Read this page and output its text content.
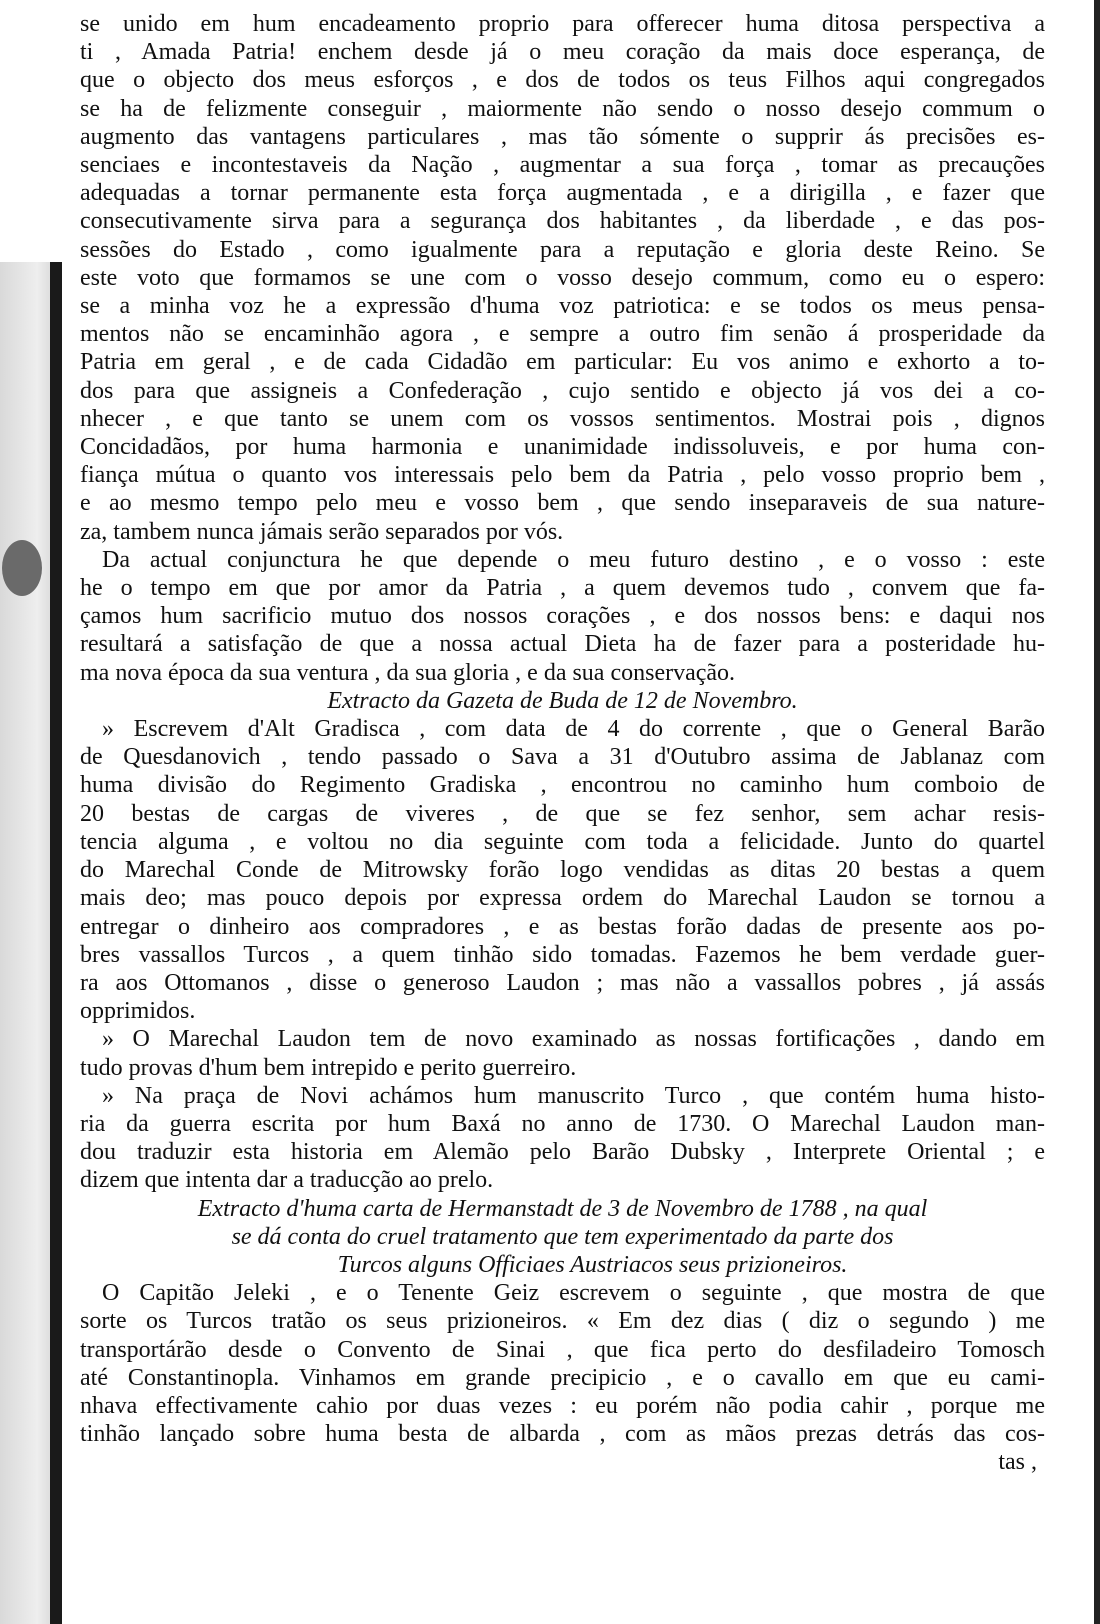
se unido em hum encadeamento proprio para offerecer huma ditosa perspectiva a
ti , Amada Patria! enchem desde já o meu coração da mais doce esperança, de
que o objecto dos meus esforços , e dos de todos os teus Filhos aqui congregados
se ha de felizmente conseguir , maiormente não sendo o nosso desejo commum o
augmento das vantagens particulares , mas tão sómente o supprir ás precisões es-
senciaes e incontestaveis da Nação , augmentar a sua força , tomar as precauções
adequadas a tornar permanente esta força augmentada , e a dirigilla , e fazer que
consecutivamente sirva para a segurança dos habitantes , da liberdade , e das pos-
sessões do Estado , como igualmente para a reputação e gloria deste Reino. Se
este voto que formamos se une com o vosso desejo commum, como eu o espero:
se a minha voz he a expressão d'huma voz patriotica: e se todos os meus pensa-
mentos não se encaminhão agora , e sempre a outro fim senão á prosperidade da
Patria em geral , e de cada Cidadão em particular: Eu vos animo e exhorto a to-
dos para que assigneis a Confederação , cujo sentido e objecto já vos dei a co-
nhecer , e que tanto se unem com os vossos sentimentos. Mostrai pois , dignos
Concidadãos, por huma harmonia e unanimidade indissoluveis, e por huma con-
fiança mútua o quanto vos interessais pelo bem da Patria , pelo vosso proprio bem ,
e ao mesmo tempo pelo meu e vosso bem , que sendo inseparaveis de sua nature-
za, tambem nunca jámais serão separados por vós.

Da actual conjunctura he que depende o meu futuro destino , e o vosso : este
he o tempo em que por amor da Patria , a quem devemos tudo , convem que fa-
çamos hum sacrificio mutuo dos nossos corações , e dos nossos bens: e daqui nos
resultará a satisfação de que a nossa actual Dieta ha de fazer para a posteridade hu-
ma nova época da sua ventura , da sua gloria , e da sua conservação.

Extracto da Gazeta de Buda de 12 de Novembro.

» Escrevem d'Alt Gradisca , com data de 4 do corrente , que o General Barão
de Quesdanovich , tendo passado o Sava a 31 d'Outubro assima de Jablanaz com
huma divisão do Regimento Gradiska , encontrou no caminho hum comboio de
20 bestas de cargas de viveres , de que se fez senhor, sem achar resis-
tencia alguma , e voltou no dia seguinte com toda a felicidade. Junto do quartel
do Marechal Conde de Mitrowsky forão logo vendidas as ditas 20 bestas a quem
mais deo; mas pouco depois por expressa ordem do Marechal Laudon se tornou a
entregar o dinheiro aos compradores , e as bestas forão dadas de presente aos po-
bres vassallos Turcos , a quem tinhão sido tomadas. Fazemos he bem verdade guer-
ra aos Ottomanos , disse o generoso Laudon ; mas não a vassallos pobres , já assás
opprimidos.

» O Marechal Laudon tem de novo examinado as nossas fortificações , dando em
tudo provas d'hum bem intrepido e perito guerreiro.

» Na praça de Novi achámos hum manuscrito Turco , que contém huma histo-
ria da guerra escrita por hum Baxá no anno de 1730. O Marechal Laudon man-
dou traduzir esta historia em Alemão pelo Barão Dubsky , Interprete Oriental ; e
dizem que intenta dar a traducção ao prelo.

Extracto d'huma carta de Hermanstadt de 3 de Novembro de 1788 , na qual
se dá conta do cruel tratamento que tem experimentado da parte dos
Turcos alguns Officiaes Austriacos seus prizioneiros.

O Capitão Jeleki , e o Tenente Geiz escrevem o seguinte , que mostra de que
sorte os Turcos tratão os seus prizioneiros. « Em dez dias ( diz o segundo ) me
transportárão desde o Convento de Sinai , que fica perto do desfiladeiro Tomosch
até Constantinopla. Vinhamos em grande precipicio , e o cavallo em que eu cami-
nhava effectivamente cahio por duas vezes : eu porém não podia cahir , porque me
tinhão lançado sobre huma besta de albarda , com as mãos prezas detrás das cos-

tas ,
